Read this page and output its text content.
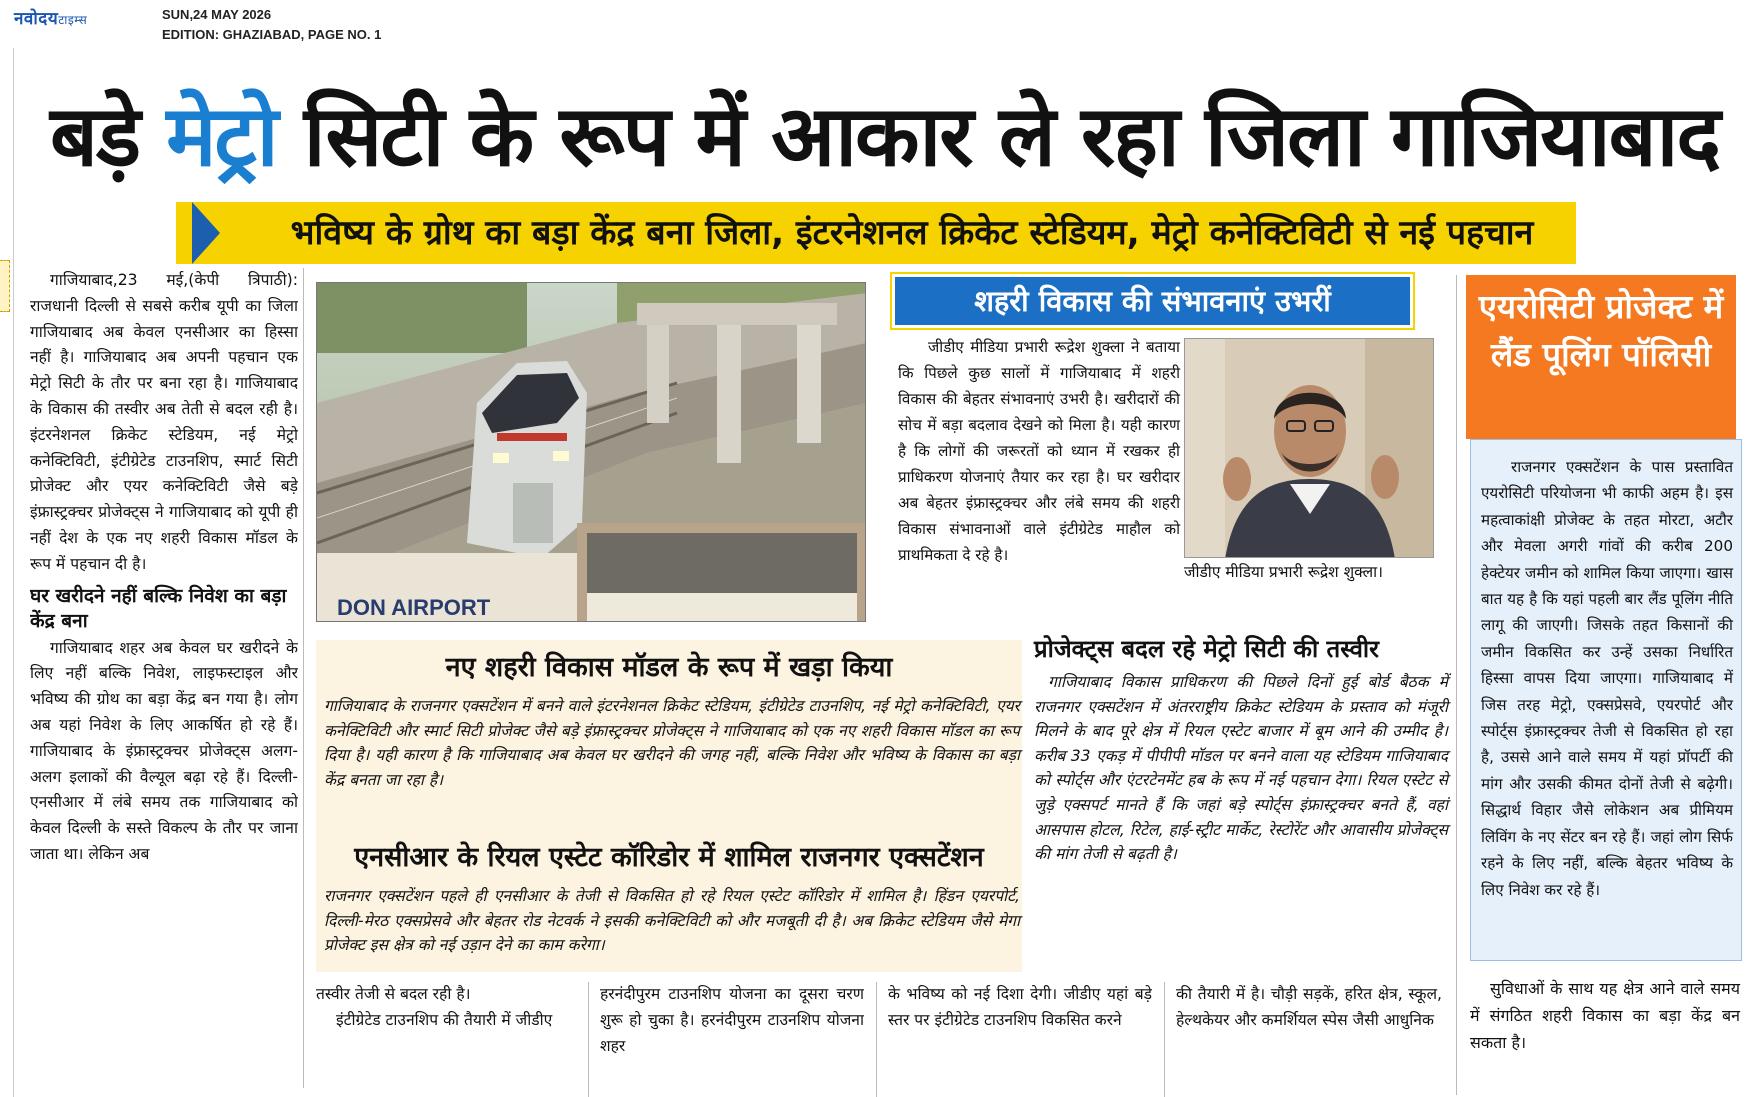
नवोदयटाइम्स	SUN,24 MAY 2026
EDITION: GHAZIABAD, PAGE NO. 1
बड़े मेट्रो सिटी के रूप में आकार ले रहा जिला गाजियाबाद
भविष्य के ग्रोथ का बड़ा केंद्र बना जिला, इंटरनेशनल क्रिकेट स्टेडियम, मेट्रो कनेक्टिविटी से नई पहचान

गाजियाबाद,23 मई,(केपी त्रिपाठी): राजधानी दिल्ली से सबसे करीब यूपी का जिला गाजियाबाद अब केवल एनसीआर का हिस्सा नहीं है। गाजियाबाद अब अपनी पहचान एक मेट्रो सिटी के तौर पर बना रहा है। गाजियाबाद के विकास की तस्वीर अब तेती से बदल रही है। इंटरनेशनल क्रिकेट स्टेडियम, नई मेट्रो कनेक्टिविटी, इंटीग्रेटेड टाउनशिप, स्मार्ट सिटी प्रोजेक्ट और एयर कनेक्टिविटी जैसे बड़े इंफ्रास्ट्रक्चर प्रोजेक्ट्स ने गाजियाबाद को यूपी ही नहीं देश के एक नए शहरी विकास मॉडल के रूप में पहचान दी है।

घर खरीदने नहीं बल्कि निवेश का बड़ा केंद्र बना

गाजियाबाद शहर अब केवल घर खरीदने के लिए नहीं बल्कि निवेश, लाइफस्टाइल और भविष्य की ग्रोथ का बड़ा केंद्र बन गया है। लोग अब यहां निवेश के लिए आकर्षित हो रहे हैं। गाजियाबाद के इंफ्रास्ट्रक्चर प्रोजेक्ट्स अलग-अलग इलाकों की वैल्यूल बढ़ा रहे हैं। दिल्ली-एनसीआर में लंबे समय तक गाजियाबाद को केवल दिल्ली के सस्ते विकल्प के तौर पर जाना जाता था। लेकिन अब

DON AIRPORT
शहरी विकास की संभावनाएं उभरीं

जीडीए मीडिया प्रभारी रूद्रेश शुक्ला ने बताया कि पिछले कुछ सालों में गाजियाबाद में शहरी विकास की बेहतर संभावनाएं उभरी है। खरीदारों की सोच में बड़ा बदलाव देखने को मिला है। यही कारण है कि लोगों की जरूरतों को ध्यान में रखकर ही प्राधिकरण योजनाएं तैयार कर रहा है। घर खरीदार अब बेहतर इंफ्रास्ट्रक्चर और लंबे समय की शहरी विकास संभावनाओं वाले इंटीग्रेटेड माहौल को प्राथमिकता दे रहे है।

जीडीए मीडिया प्रभारी रूद्रेश शुक्ला।
एयरोसिटी प्रोजेक्ट में लैंड पूलिंग पॉलिसी

राजनगर एक्सटेंशन के पास प्रस्तावित एयरोसिटी परियोजना भी काफी अहम है। इस महत्वाकांक्षी प्रोजेक्ट के तहत मोरटा, अटौर और मेवला अगरी गांवों की करीब 200 हेक्टेयर जमीन को शामिल किया जाएगा। खास बात यह है कि यहां पहली बार लैंड पूलिंग नीति लागू की जाएगी। जिसके तहत किसानों की जमीन विकसित कर उन्हें उसका निर्धारित हिस्सा वापस दिया जाएगा। गाजियाबाद में जिस तरह मेट्रो, एक्सप्रेसवे, एयरपोर्ट और स्पोर्ट्स इंफ्रास्ट्रक्चर तेजी से विकसित हो रहा है, उससे आने वाले समय में यहां प्रॉपर्टी की मांग और उसकी कीमत दोनों तेजी से बढ़ेगी। सिद्धार्थ विहार जैसे लोकेशन अब प्रीमियम लिविंग के नए सेंटर बन रहे हैं। जहां लोग सिर्फ रहने के लिए नहीं, बल्कि बेहतर भविष्य के लिए निवेश कर रहे हैं।

सुविधाओं के साथ यह क्षेत्र आने वाले समय में संगठित शहरी विकास का बड़ा केंद्र बन सकता है।

नए शहरी विकास मॉडल के रूप में खड़ा किया

गाजियाबाद के राजनगर एक्सटेंशन में बनने वाले इंटरनेशनल क्रिकेट स्टेडियम, इंटीग्रेटेड टाउनशिप, नई मेट्रो कनेक्टिविटी, एयर कनेक्टिविटी और स्मार्ट सिटी प्रोजेक्ट जैसे बड़े इंफ्रास्ट्रक्चर प्रोजेक्ट्स ने गाजियाबाद को एक नए शहरी विकास मॉडल का रूप दिया है। यही कारण है कि गाजियाबाद अब केवल घर खरीदने की जगह नहीं, बल्कि निवेश और भविष्य के विकास का बड़ा केंद्र बनता जा रहा है।

एनसीआर के रियल एस्टेट कॉरिडोर में शामिल राजनगर एक्सटेंशन

राजनगर एक्सटेंशन पहले ही एनसीआर के तेजी से विकसित हो रहे रियल एस्टेट कॉरिडोर में शामिल है। हिंडन एयरपोर्ट, दिल्ली-मेरठ एक्सप्रेसवे और बेहतर रोड नेटवर्क ने इसकी कनेक्टिविटी को और मजबूती दी है। अब क्रिकेट स्टेडियम जैसे मेगा प्रोजेक्ट इस क्षेत्र को नई उड़ान देने का काम करेगा।

प्रोजेक्ट्स बदल रहे मेट्रो सिटी की तस्वीर

गाजियाबाद विकास प्राधिकरण की पिछले दिनों हुई बोर्ड बैठक में राजनगर एक्सटेंशन में अंतरराष्ट्रीय क्रिकेट स्टेडियम के प्रस्ताव को मंजूरी मिलने के बाद पूरे क्षेत्र में रियल एस्टेट बाजार में बूम आने की उम्मीद है। करीब 33 एकड़ में पीपीपी मॉडल पर बनने वाला यह स्टेडियम गाजियाबाद को स्पोर्ट्स और एंटरटेनमेंट हब के रूप में नई पहचान देगा। रियल एस्टेट से जुड़े एक्सपर्ट मानते हैं कि जहां बड़े स्पोर्ट्स इंफ्रास्ट्रक्चर बनते हैं, वहां आसपास होटल, रिटेल, हाई-स्ट्रीट मार्केट, रेस्टोरेंट और आवासीय प्रोजेक्ट्स की मांग तेजी से बढ़ती है।

तस्वीर तेजी से बदल रही है।

इंटीग्रेटेड टाउनशिप की तैयारी में जीडीए

हरनंदीपुरम टाउनशिप योजना का दूसरा चरण शुरू हो चुका है। हरनंदीपुरम टाउनशिप योजना शहर

के भविष्य को नई दिशा देगी। जीडीए यहां बड़े स्तर पर इंटीग्रेटेड टाउनशिप विकसित करने

की तैयारी में है। चौड़ी सड़कें, हरित क्षेत्र, स्कूल, हेल्थकेयर और कमर्शियल स्पेस जैसी आधुनिक
